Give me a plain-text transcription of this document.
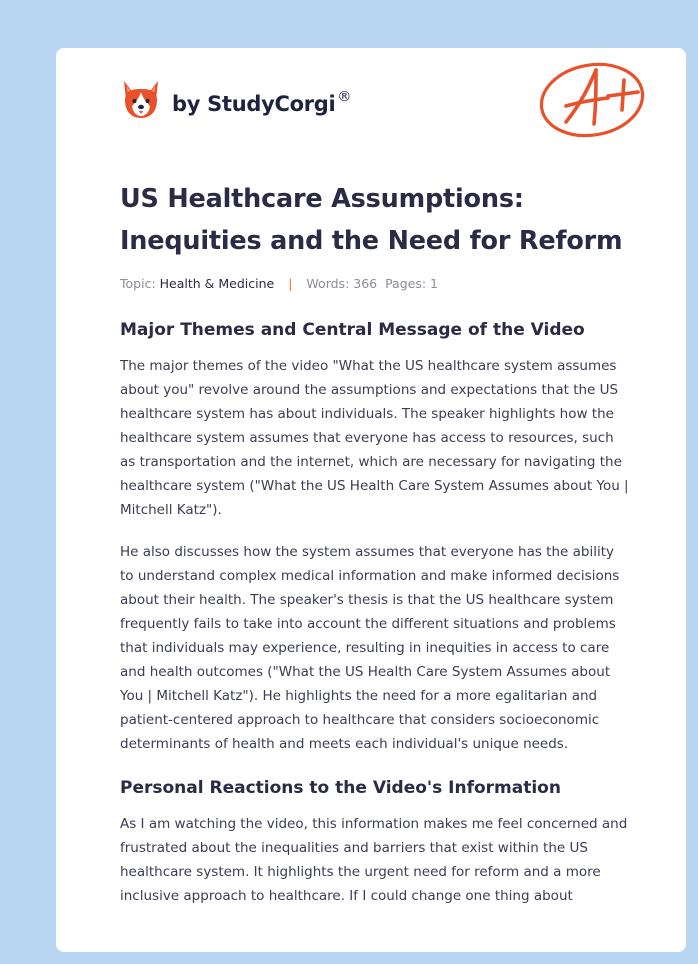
by StudyCorgi ®
US Healthcare Assumptions: Inequities and the Need for Reform
Topic: Health & Medicine | Words: 366 Pages: 1
Major Themes and Central Message of the Video

The major themes of the video "What the US healthcare system assumes about you" revolve around the assumptions and expectations that the US healthcare system has about individuals. The speaker highlights how the healthcare system assumes that everyone has access to resources, such as transportation and the internet, which are necessary for navigating the healthcare system ("What the US Health Care System Assumes about You | Mitchell Katz").

He also discusses how the system assumes that everyone has the ability to understand complex medical information and make informed decisions about their health. The speaker's thesis is that the US healthcare system frequently fails to take into account the different situations and problems that individuals may experience, resulting in inequities in access to care and health outcomes ("What the US Health Care System Assumes about You | Mitchell Katz"). He highlights the need for a more egalitarian and patient-centered approach to healthcare that considers socioeconomic determinants of health and meets each individual's unique needs.

Personal Reactions to the Video's Information

As I am watching the video, this information makes me feel concerned and frustrated about the inequalities and barriers that exist within the US healthcare system. It highlights the urgent need for reform and a more inclusive approach to healthcare. If I could change one thing about
